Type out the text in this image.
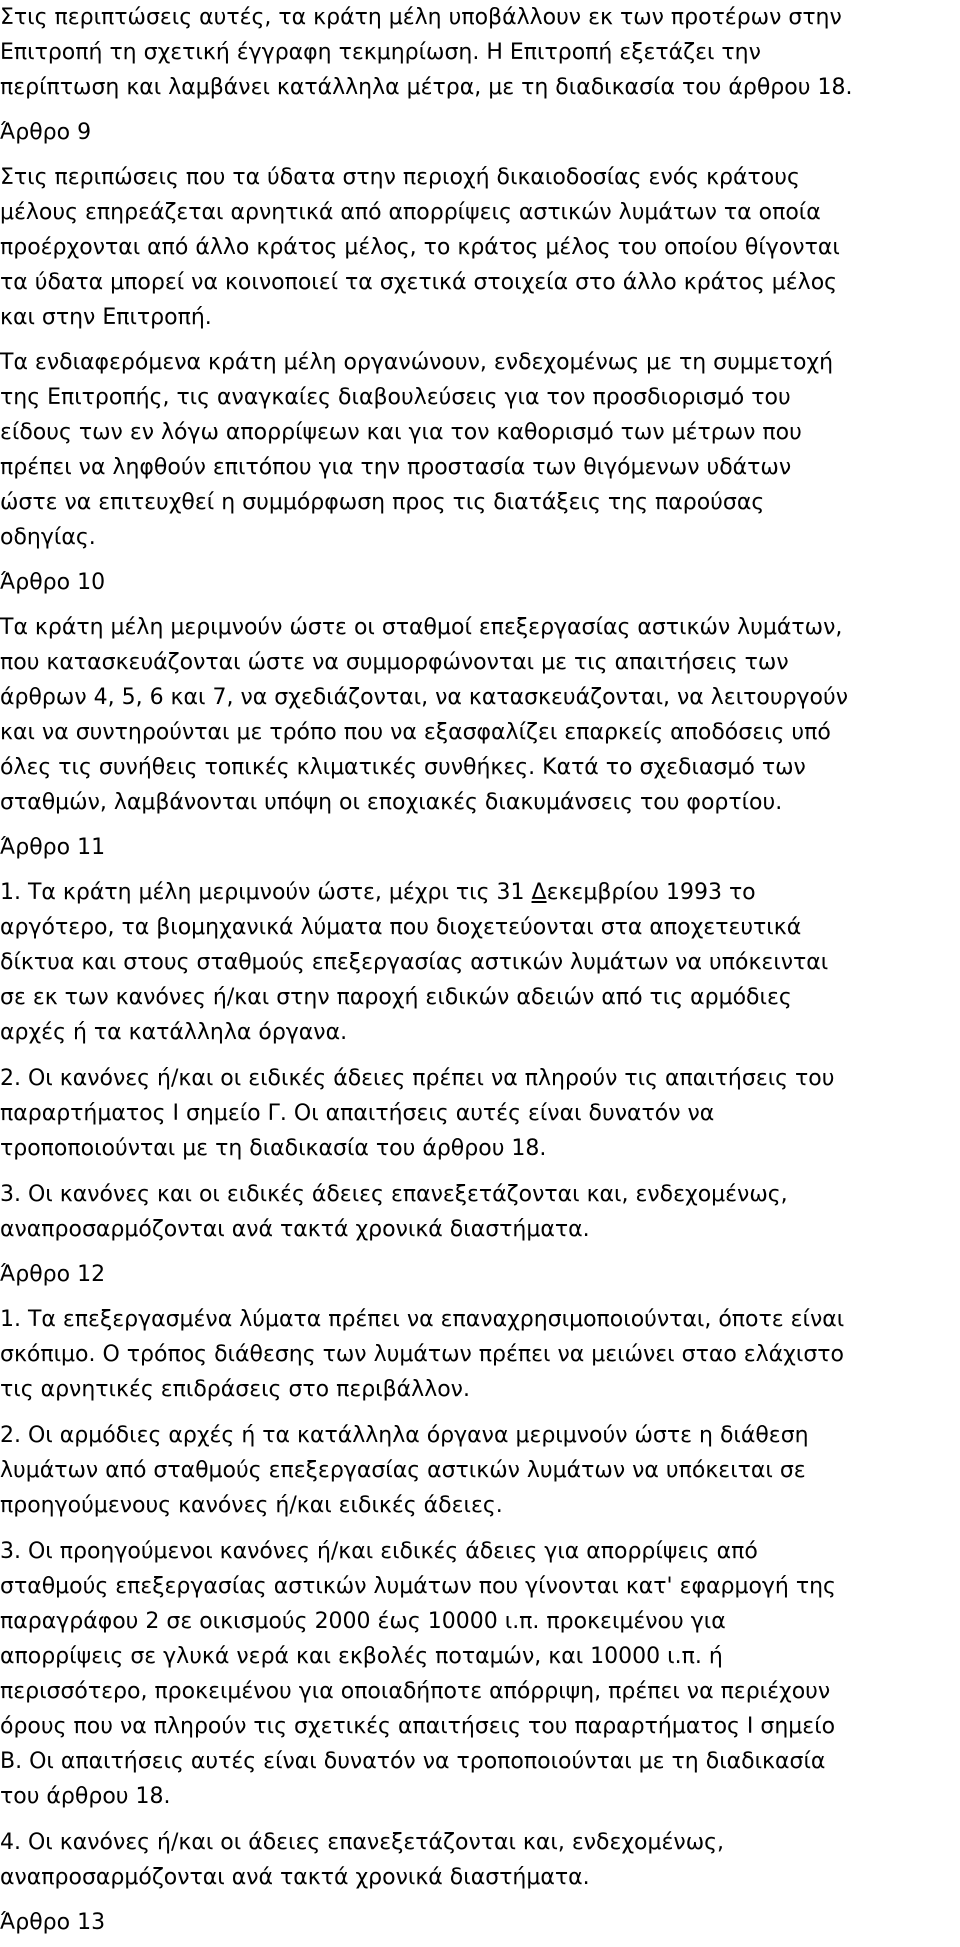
Στις περιπτώσεις αυτές, τα κράτη μέλη υποβάλλουν εκ των προτέρων στην
Επιτροπή τη σχετική έγγραφη τεκμηρίωση. Η Επιτροπή εξετάζει την
περίπτωση και λαμβάνει κατάλληλα μέτρα, με τη διαδικασία του άρθρου 18.

Άρθρο 9

Στις περιπώσεις που τα ύδατα στην περιοχή δικαιοδοσίας ενός κράτους
μέλους επηρεάζεται αρνητικά από απορρίψεις αστικών λυμάτων τα οποία
προέρχονται από άλλο κράτος μέλος, το κράτος μέλος του οποίου θίγονται
τα ύδατα μπορεί να κοινοποιεί τα σχετικά στοιχεία στο άλλο κράτος μέλος
και στην Επιτροπή.

Τα ενδιαφερόμενα κράτη μέλη οργανώνουν, ενδεχομένως με τη συμμετοχή
της Επιτροπής, τις αναγκαίες διαβουλεύσεις για τον προσδιορισμό του
είδους των εν λόγω απορρίψεων και για τον καθορισμό των μέτρων που
πρέπει να ληφθούν επιτόπου για την προστασία των θιγόμενων υδάτων
ώστε να επιτευχθεί η συμμόρφωση προς τις διατάξεις της παρούσας
οδηγίας.

Άρθρο 10

Τα κράτη μέλη μεριμνούν ώστε οι σταθμοί επεξεργασίας αστικών λυμάτων,
που κατασκευάζονται ώστε να συμμορφώνονται με τις απαιτήσεις των
άρθρων 4, 5, 6 και 7, να σχεδιάζονται, να κατασκευάζονται, να λειτουργούν
και να συντηρούνται με τρόπο που να εξασφαλίζει επαρκείς αποδόσεις υπό
όλες τις συνήθεις τοπικές κλιματικές συνθήκες. Κατά το σχεδιασμό των
σταθμών, λαμβάνονται υπόψη οι εποχιακές διακυμάνσεις του φορτίου.

Άρθρο 11

1. Τα κράτη μέλη μεριμνούν ώστε, μέχρι τις 31 Δεκεμβρίου 1993 το
αργότερο, τα βιομηχανικά λύματα που διοχετεύονται στα αποχετευτικά
δίκτυα και στους σταθμούς επεξεργασίας αστικών λυμάτων να υπόκεινται
σε εκ των κανόνες ή/και στην παροχή ειδικών αδειών από τις αρμόδιες
αρχές ή τα κατάλληλα όργανα.

2. Οι κανόνες ή/και οι ειδικές άδειες πρέπει να πληρούν τις απαιτήσεις του
παραρτήματος Ι σημείο Γ. Οι απαιτήσεις αυτές είναι δυνατόν να
τροποποιούνται με τη διαδικασία του άρθρου 18.

3. Οι κανόνες και οι ειδικές άδειες επανεξετάζονται και, ενδεχομένως,
αναπροσαρμόζονται ανά τακτά χρονικά διαστήματα.

Άρθρο 12

1. Τα επεξεργασμένα λύματα πρέπει να επαναχρησιμοποιούνται, όποτε είναι
σκόπιμο. Ο τρόπος διάθεσης των λυμάτων πρέπει να μειώνει σταο ελάχιστο
τις αρνητικές επιδράσεις στο περιβάλλον.

2. Οι αρμόδιες αρχές ή τα κατάλληλα όργανα μεριμνούν ώστε η διάθεση
λυμάτων από σταθμούς επεξεργασίας αστικών λυμάτων να υπόκειται σε
προηγούμενους κανόνες ή/και ειδικές άδειες.

3. Οι προηγούμενοι κανόνες ή/και ειδικές άδειες για απορρίψεις από
σταθμούς επεξεργασίας αστικών λυμάτων που γίνονται κατ' εφαρμογή της
παραγράφου 2 σε οικισμούς 2000 έως 10000 ι.π. προκειμένου για
απορρίψεις σε γλυκά νερά και εκβολές ποταμών, και 10000 ι.π. ή
περισσότερο, προκειμένου για οποιαδήποτε απόρριψη, πρέπει να περιέχουν
όρους που να πληρούν τις σχετικές απαιτήσεις του παραρτήματος Ι σημείο
Β. Οι απαιτήσεις αυτές είναι δυνατόν να τροποποιούνται με τη διαδικασία
του άρθρου 18.

4. Οι κανόνες ή/και οι άδειες επανεξετάζονται και, ενδεχομένως,
αναπροσαρμόζονται ανά τακτά χρονικά διαστήματα.

Άρθρο 13
